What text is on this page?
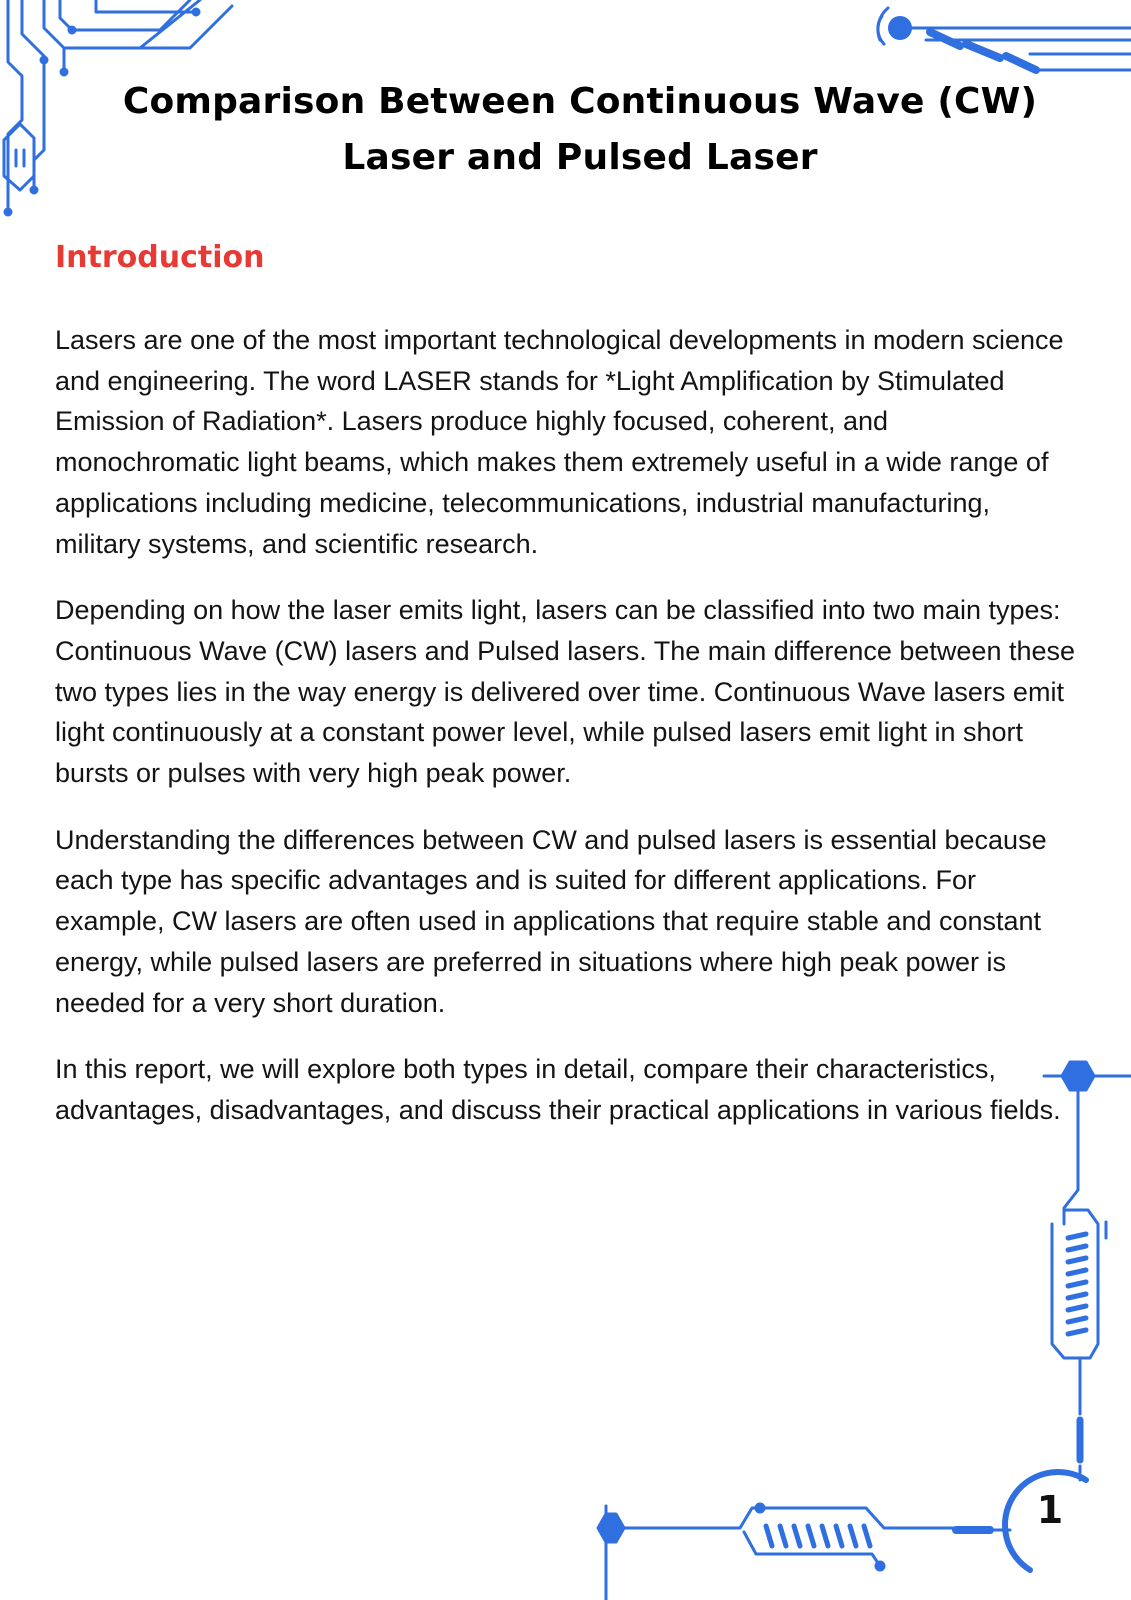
Comparison Between Continuous Wave (CW)
Laser and Pulsed Laser
Introduction

Lasers are one of the most important technological developments in modern science and engineering. The word LASER stands for *Light Amplification by Stimulated Emission of Radiation*. Lasers produce highly focused, coherent, and monochromatic light beams, which makes them extremely useful in a wide range of applications including medicine, telecommunications, industrial manufacturing, military systems, and scientific research.

Depending on how the laser emits light, lasers can be classified into two main types: Continuous Wave (CW) lasers and Pulsed lasers. The main difference between these two types lies in the way energy is delivered over time. Continuous Wave lasers emit light continuously at a constant power level, while pulsed lasers emit light in short bursts or pulses with very high peak power.

Understanding the differences between CW and pulsed lasers is essential because each type has specific advantages and is suited for different applications. For example, CW lasers are often used in applications that require stable and constant energy, while pulsed lasers are preferred in situations where high peak power is needed for a very short duration.

In this report, we will explore both types in detail, compare their characteristics, advantages, disadvantages, and discuss their practical applications in various fields.

1
